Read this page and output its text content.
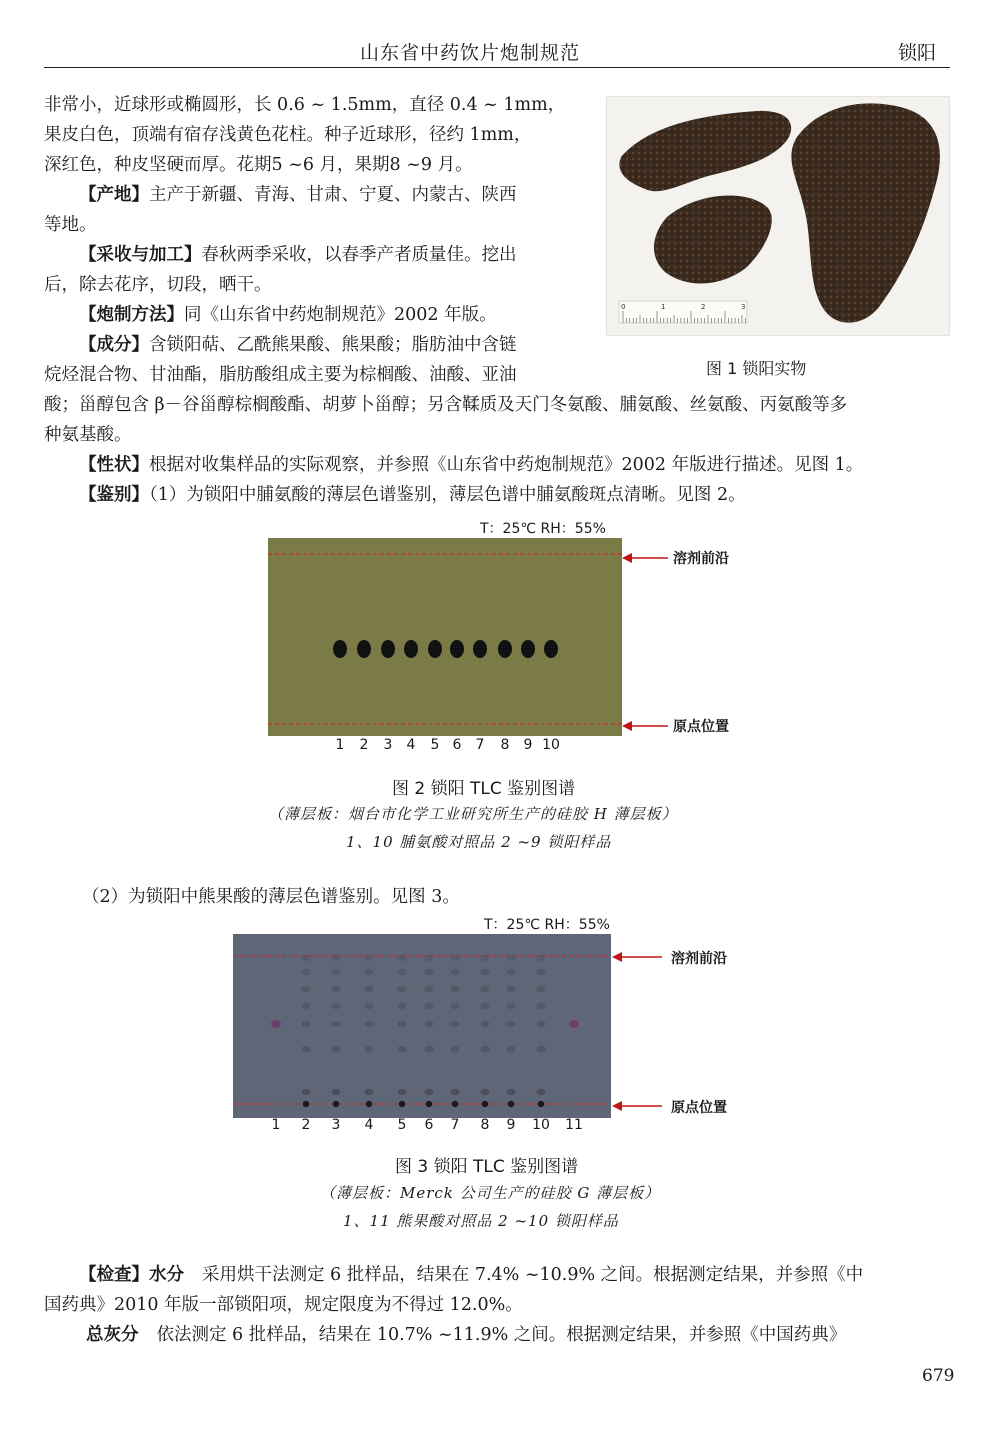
山东省中药饮片炮制规范	锁阳
非常小，近球形或椭圆形，长 0.6 ~ 1.5mm，直径 0.4 ~ 1mm，
果皮白色，顶端有宿存浅黄色花柱。种子近球形，径约 1mm，
深红色，种皮坚硬而厚。花期5 ~6 月，果期8 ~9 月。
【产地】主产于新疆、青海、甘肃、宁夏、内蒙古、陕西
等地。
【采收与加工】春秋两季采收，以春季产者质量佳。挖出
后，除去花序，切段，晒干。
【炮制方法】同《山东省中药炮制规范》2002 年版。
【成分】含锁阳萜、乙酰熊果酸、熊果酸；脂肪油中含链
烷烃混合物、甘油酯，脂肪酸组成主要为棕榈酸、油酸、亚油
0	1	2	3
图 1 锁阳实物
酸；甾醇包含 β－谷甾醇棕榈酸酯、胡萝卜甾醇；另含鞣质及天门冬氨酸、脯氨酸、丝氨酸、丙氨酸等多
种氨基酸。
【性状】根据对收集样品的实际观察，并参照《山东省中药炮制规范》2002 年版进行描述。见图 1。
【鉴别】（1）为锁阳中脯氨酸的薄层色谱鉴别，薄层色谱中脯氨酸斑点清晰。见图 2。
T：25℃ RH：55%
溶剂前沿
原点位置
1	2	3	4	5 6	7	8	9 10
图 2 锁阳 TLC 鉴别图谱
（薄层板：烟台市化学工业研究所生产的硅胶 H 薄层板）
1、10 脯氨酸对照品 2 ~9 锁阳样品
（2）为锁阳中熊果酸的薄层色谱鉴别。见图 3。
T：25℃ RH：55%
溶剂前沿
原点位置
1	2	3	4	5	6	7	8	9	10 11
图 3 锁阳 TLC 鉴别图谱
（薄层板：Merck 公司生产的硅胶 G 薄层板）
1、11 熊果酸对照品 2 ~10 锁阳样品
【检查】水分 采用烘干法测定 6 批样品，结果在 7.4% ~10.9% 之间。根据测定结果，并参照《中
国药典》2010 年版一部锁阳项，规定限度为不得过 12.0%。
总灰分 依法测定 6 批样品，结果在 10.7% ~11.9% 之间。根据测定结果，并参照《中国药典》
679
